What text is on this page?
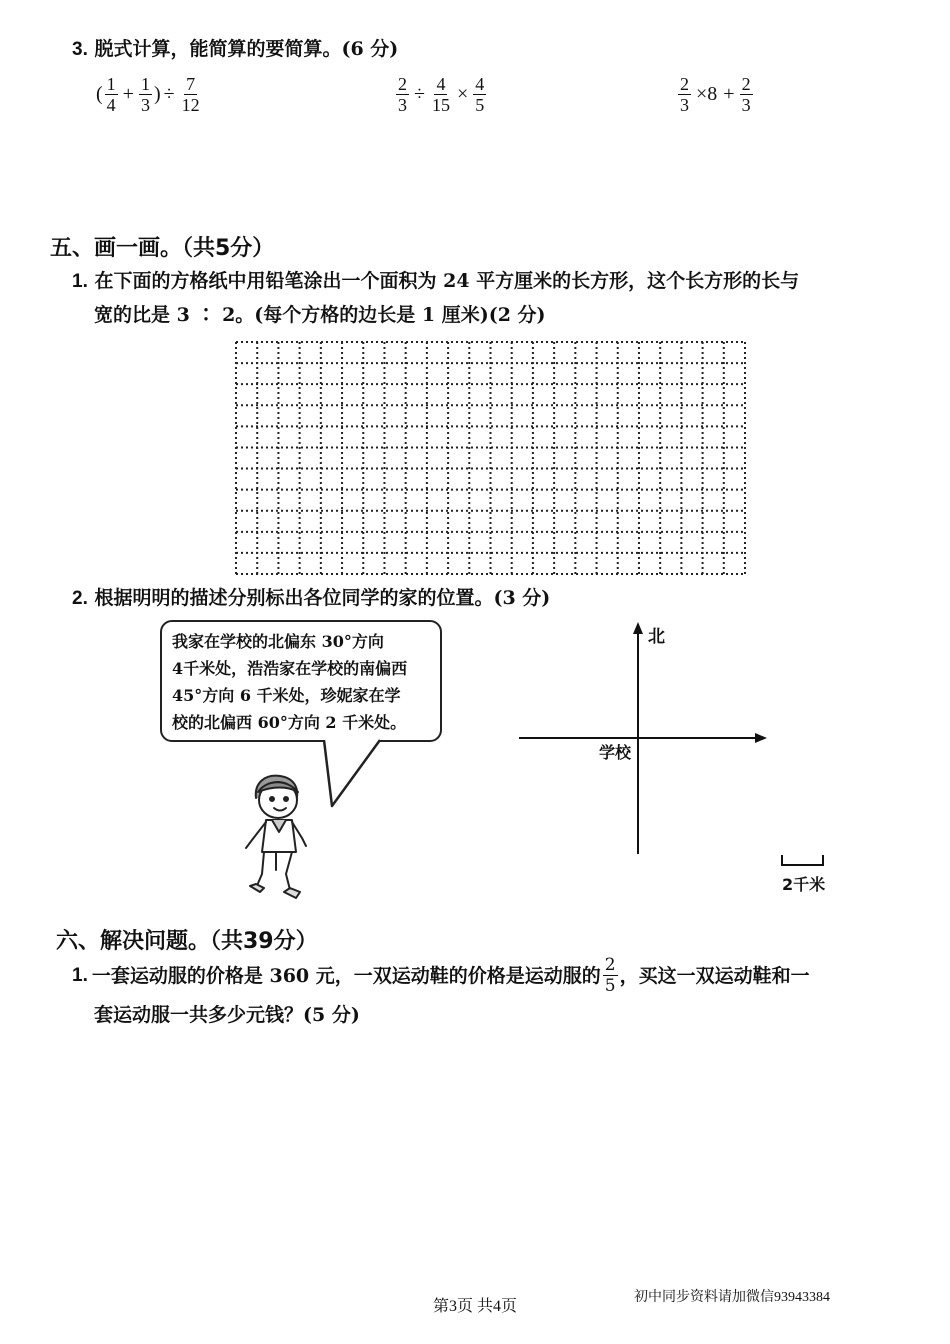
3. 脱式计算，能简算的要简算。(6 分)
( $\frac{1}{4} + \frac{1}{3}$ ) ÷ $\frac{7}{12}$	$\frac{2}{3} \div \frac{4}{15} \times \frac{4}{5}$	$\frac{2}{3} \times 8 + \frac{2}{3}$
五、画一画。（共5分）
1. 在下面的方格纸中用铅笔涂出一个面积为 24 平方厘米的长方形，这个长方形的长与
宽的比是 3 ∶ 2。(每个方格的边长是 1 厘米)(2 分)
2. 根据明明的描述分别标出各位同学的家的位置。(3 分)
我家在学校的北偏东 30°方向
4千米处，浩浩家在学校的南偏西
45°方向 6 千米处，珍妮家在学
校的北偏西 60°方向 2 千米处。
北
学校
2千米
六、解决问题。（共39分）
1. 一套运动服的价格是 360 元，一双运动鞋的价格是运动服的 $\frac{2}{5}$ ，买这一双运动鞋和一
套运动服一共多少元钱？(5 分)
第3页 共4页
初中同步资料请加微信93943384
